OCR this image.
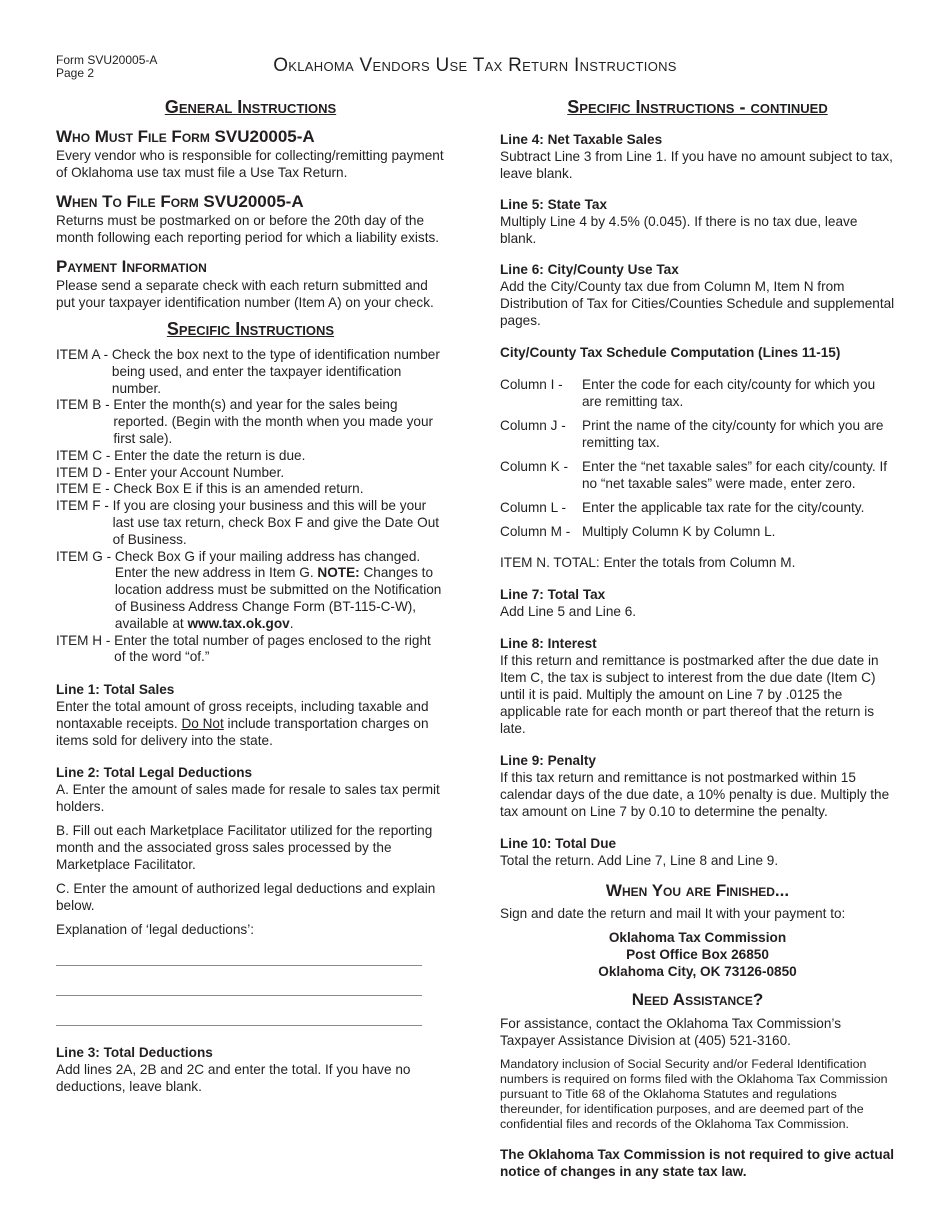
Form SVU20005-A
Page 2	Oklahoma Vendors Use Tax Return Instructions
General Instructions
Who Must File Form SVU20005-A

Every vendor who is responsible for collecting/remitting payment of Oklahoma use tax must file a Use Tax Return.

When To File Form SVU20005-A

Returns must be postmarked on or before the 20th day of the month following each reporting period for which a liability exists.

Payment Information

Please send a separate check with each return submitted and put your taxpayer identification number (Item A) on your check.

Specific Instructions
ITEM A - Check the box next to the type of identification number being used, and enter the taxpayer identification number.
ITEM B - Enter the month(s) and year for the sales being reported. (Begin with the month when you made your first sale).
ITEM C - Enter the date the return is due.
ITEM D - Enter your Account Number.
ITEM E - Check Box E if this is an amended return.
ITEM F - If you are closing your business and this will be your last use tax return, check Box F and give the Date Out of Business.
ITEM G - Check Box G if your mailing address has changed. Enter the new address in Item G. NOTE: Changes to location address must be submitted on the Notification of Business Address Change Form (BT-115-C-W), available at www.tax.ok.gov.
ITEM H - Enter the total number of pages enclosed to the right of the word “of.”

Line 1: Total Sales

Enter the total amount of gross receipts, including taxable and nontaxable receipts. Do Not include transportation charges on items sold for delivery into the state.

Line 2: Total Legal Deductions

A. Enter the amount of sales made for resale to sales tax permit holders.

B. Fill out each Marketplace Facilitator utilized for the reporting month and the associated gross sales processed by the Marketplace Facilitator.

C. Enter the amount of authorized legal deductions and explain below.

Explanation of ‘legal deductions’:

Line 3: Total Deductions

Add lines 2A, 2B and 2C and enter the total. If you have no deductions, leave blank.

Specific Instructions - continued

Line 4: Net Taxable Sales

Subtract Line 3 from Line 1. If you have no amount subject to tax, leave blank.

Line 5: State Tax

Multiply Line 4 by 4.5% (0.045). If there is no tax due, leave blank.

Line 6: City/County Use Tax

Add the City/County tax due from Column M, Item N from Distribution of Tax for Cities/Counties Schedule and supplemental pages.

City/County Tax Schedule Computation (Lines 11-15)

Column I -	Enter the code for each city/county for which you are remitting tax.
Column J -	Print the name of the city/county for which you are remitting tax.
Column K -	Enter the “net taxable sales” for each city/county. If no “net taxable sales” were made, enter zero.
Column L -	Enter the applicable tax rate for the city/county.
Column M - Multiply Column K by Column L.

ITEM N. TOTAL: Enter the totals from Column M.

Line 7: Total Tax

Add Line 5 and Line 6.

Line 8: Interest

If this return and remittance is postmarked after the due date in Item C, the tax is subject to interest from the due date (Item C) until it is paid. Multiply the amount on Line 7 by .0125 the applicable rate for each month or part thereof that the return is late.

Line 9: Penalty

If this tax return and remittance is not postmarked within 15 calendar days of the due date, a 10% penalty is due. Multiply the tax amount on Line 7 by 0.10 to determine the penalty.

Line 10: Total Due

Total the return. Add Line 7, Line 8 and Line 9.

When You are Finished...

Sign and date the return and mail It with your payment to:

Oklahoma Tax Commission

Post Office Box 26850

Oklahoma City, OK 73126-0850

Need Assistance?

For assistance, contact the Oklahoma Tax Commission’s Taxpayer Assistance Division at (405) 521-3160.

Mandatory inclusion of Social Security and/or Federal Identification numbers is required on forms filed with the Oklahoma Tax Commission pursuant to Title 68 of the Oklahoma Statutes and regulations thereunder, for identification purposes, and are deemed part of the confidential files and records of the Oklahoma Tax Commission.

The Oklahoma Tax Commission is not required to give actual notice of changes in any state tax law.
